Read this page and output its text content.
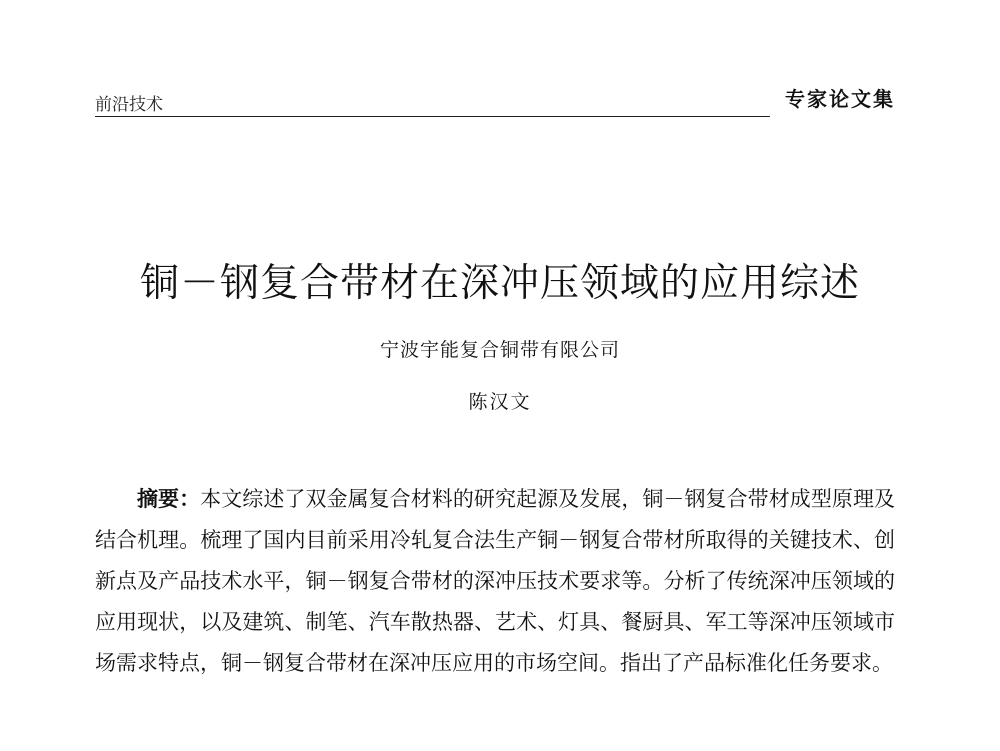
前沿技术	专家论文集
铜－钢复合带材在深冲压领域的应用综述
宁波宇能复合铜带有限公司
陈汉文

摘要：本文综述了双金属复合材料的研究起源及发展，铜－钢复合带材成型原理及结合机理。梳理了国内目前采用冷轧复合法生产铜－钢复合带材所取得的关键技术、创新点及产品技术水平，铜－钢复合带材的深冲压技术要求等。分析了传统深冲压领域的应用现状，以及建筑、制笔、汽车散热器、艺术、灯具、餐厨具、军工等深冲压领域市场需求特点，铜－钢复合带材在深冲压应用的市场空间。指出了产品标准化任务要求。
